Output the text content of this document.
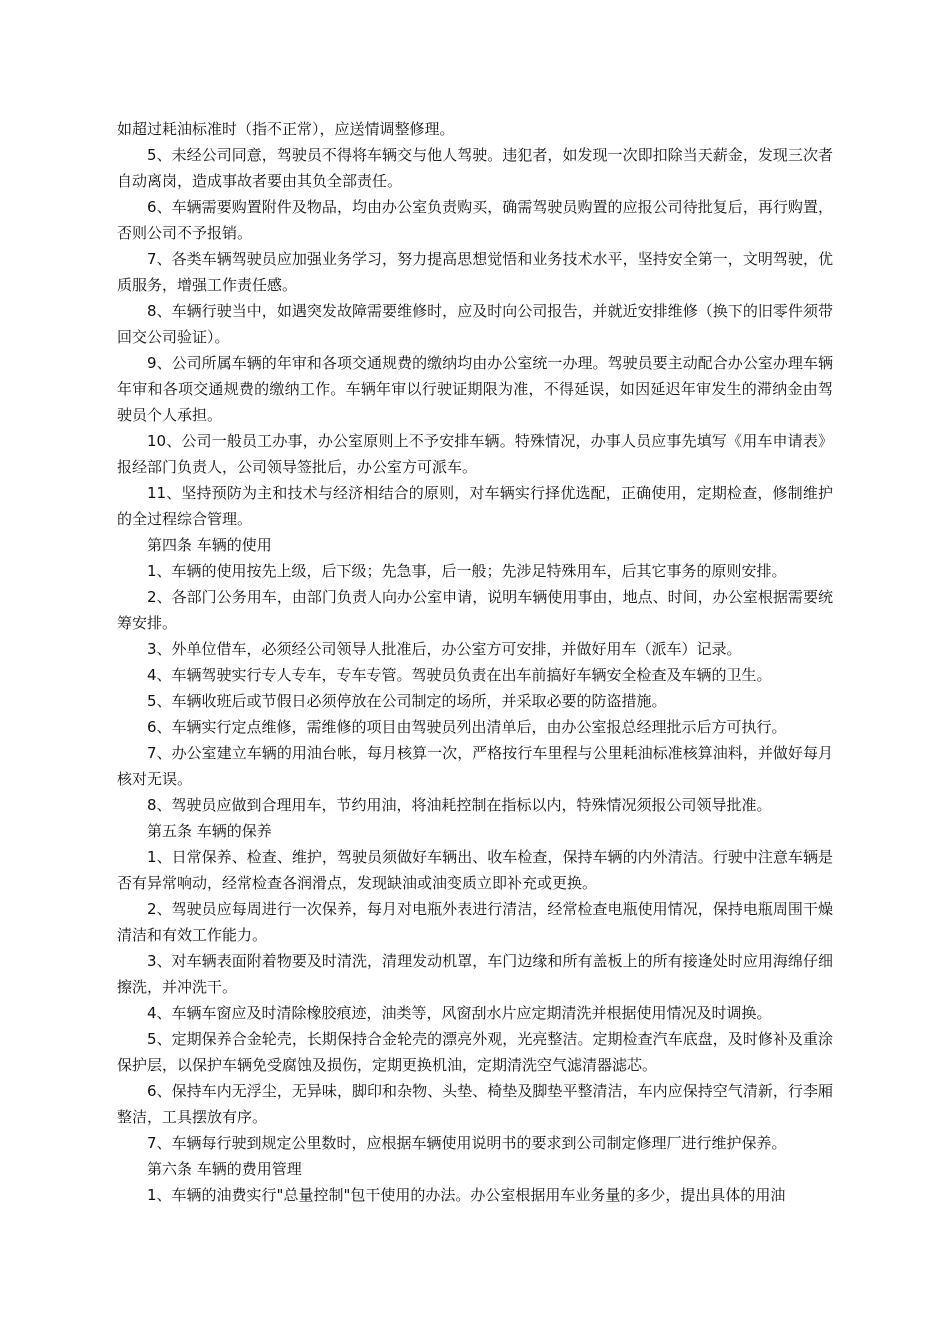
如超过耗油标准时（指不正常），应送情调整修理。

5、未经公司同意，驾驶员不得将车辆交与他人驾驶。违犯者，如发现一次即扣除当天薪金，发现三次者自动离岗，造成事故者要由其负全部责任。

6、车辆需要购置附件及物品，均由办公室负责购买，确需驾驶员购置的应报公司待批复后，再行购置，否则公司不予报销。

7、各类车辆驾驶员应加强业务学习，努力提高思想觉悟和业务技术水平，坚持安全第一，文明驾驶，优质服务，增强工作责任感。

8、车辆行驶当中，如遇突发故障需要维修时，应及时向公司报告，并就近安排维修（换下的旧零件须带回交公司验证）。

9、公司所属车辆的年审和各项交通规费的缴纳均由办公室统一办理。驾驶员要主动配合办公室办理车辆年审和各项交通规费的缴纳工作。车辆年审以行驶证期限为准，不得延误，如因延迟年审发生的滞纳金由驾驶员个人承担。

10、公司一般员工办事，办公室原则上不予安排车辆。特殊情况，办事人员应事先填写《用车申请表》报经部门负责人，公司领导签批后，办公室方可派车。

11、坚持预防为主和技术与经济相结合的原则，对车辆实行择优选配，正确使用，定期检查，修制维护的全过程综合管理。

第四条 车辆的使用

1、车辆的使用按先上级，后下级；先急事，后一般；先涉足特殊用车，后其它事务的原则安排。

2、各部门公务用车，由部门负责人向办公室申请，说明车辆使用事由，地点、时间，办公室根据需要统筹安排。

3、外单位借车，必须经公司领导人批准后，办公室方可安排，并做好用车（派车）记录。

4、车辆驾驶实行专人专车，专车专管。驾驶员负责在出车前搞好车辆安全检查及车辆的卫生。

5、车辆收班后或节假日必须停放在公司制定的场所，并采取必要的防盗措施。

6、车辆实行定点维修，需维修的项目由驾驶员列出清单后，由办公室报总经理批示后方可执行。

7、办公室建立车辆的用油台帐，每月核算一次，严格按行车里程与公里耗油标准核算油料，并做好每月核对无误。

8、驾驶员应做到合理用车，节约用油，将油耗控制在指标以内，特殊情况须报公司领导批准。

第五条 车辆的保养

1、日常保养、检查、维护，驾驶员须做好车辆出、收车检查，保持车辆的内外清洁。行驶中注意车辆是否有异常响动，经常检查各润滑点，发现缺油或油变质立即补充或更换。

2、驾驶员应每周进行一次保养，每月对电瓶外表进行清洁，经常检查电瓶使用情况，保持电瓶周围干燥清洁和有效工作能力。

3、对车辆表面附着物要及时清洗，清理发动机罩，车门边缘和所有盖板上的所有接逢处时应用海绵仔细擦洗，并冲洗干。

4、车辆车窗应及时清除橡胶痕迹，油类等，风窗刮水片应定期清洗并根据使用情况及时调换。

5、定期保养合金轮壳，长期保持合金轮壳的漂亮外观，光亮整洁。定期检查汽车底盘，及时修补及重涂保护层，以保护车辆免受腐蚀及损伤，定期更换机油，定期清洗空气滤清器滤芯。

6、保持车内无浮尘，无异味，脚印和杂物、头垫、椅垫及脚垫平整清洁，车内应保持空气清新，行李厢整洁，工具摆放有序。

7、车辆每行驶到规定公里数时，应根据车辆使用说明书的要求到公司制定修理厂进行维护保养。

第六条 车辆的费用管理

1、车辆的油费实行"总量控制"包干使用的办法。办公室根据用车业务量的多少，提出具体的用油
